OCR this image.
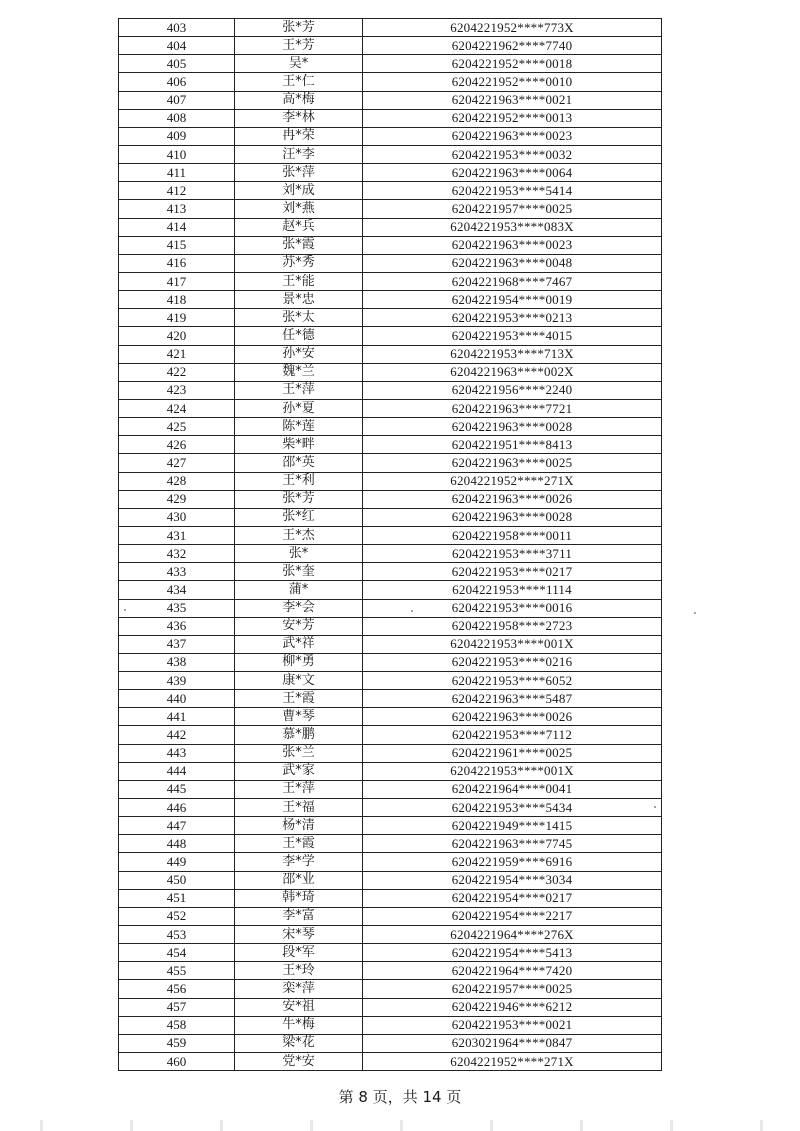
403	张*芳	6204221952****773X
404	王*芳	6204221962****7740
405	吴*	6204221952****0018
406	王*仁	6204221952****0010
407	高*梅	6204221963****0021
408	李*林	6204221952****0013
409	冉*荣	6204221963****0023
410	汪*李	6204221953****0032
411	张*萍	6204221963****0064
412	刘*成	6204221953****5414
413	刘*燕	6204221957****0025
414	赵*兵	6204221953****083X
415	张*霞	6204221963****0023
416	苏*秀	6204221963****0048
417	王*能	6204221968****7467
418	景*忠	6204221954****0019
419	张*太	6204221953****0213
420	任*德	6204221953****4015
421	孙*安	6204221953****713X
422	魏*兰	6204221963****002X
423	王*萍	6204221956****2240
424	孙*夏	6204221963****7721
425	陈*莲	6204221963****0028
426	柴*畔	6204221951****8413
427	邵*英	6204221963****0025
428	王*利	6204221952****271X
429	张*芳	6204221963****0026
430	张*红	6204221963****0028
431	王*杰	6204221958****0011
432	张*	6204221953****3711
433	张*奎	6204221953****0217
434	蒲*	6204221953****1114
435	李*会	6204221953****0016
436	安*芳	6204221958****2723
437	武*祥	6204221953****001X
438	柳*勇	6204221953****0216
439	康*文	6204221953****6052
440	王*霞	6204221963****5487
441	曹*琴	6204221963****0026
442	慕*鹏	6204221953****7112
443	张*兰	6204221961****0025
444	武*家	6204221953****001X
445	王*萍	6204221964****0041
446	王*福	6204221953****5434
447	杨*清	6204221949****1415
448	王*霞	6204221963****7745
449	李*学	6204221959****6916
450	邵*业	6204221954****3034
451	韩*琦	6204221954****0217
452	李*富	6204221954****2217
453	宋*琴	6204221964****276X
454	段*军	6204221954****5413
455	王*玲	6204221964****7420
456	栾*萍	6204221957****0025
457	安*祖	6204221946****6212
458	牛*梅	6204221953****0021
459	梁*花	6203021964****0847
460	党*安	6204221952****271X
第 8 页，共 14 页
